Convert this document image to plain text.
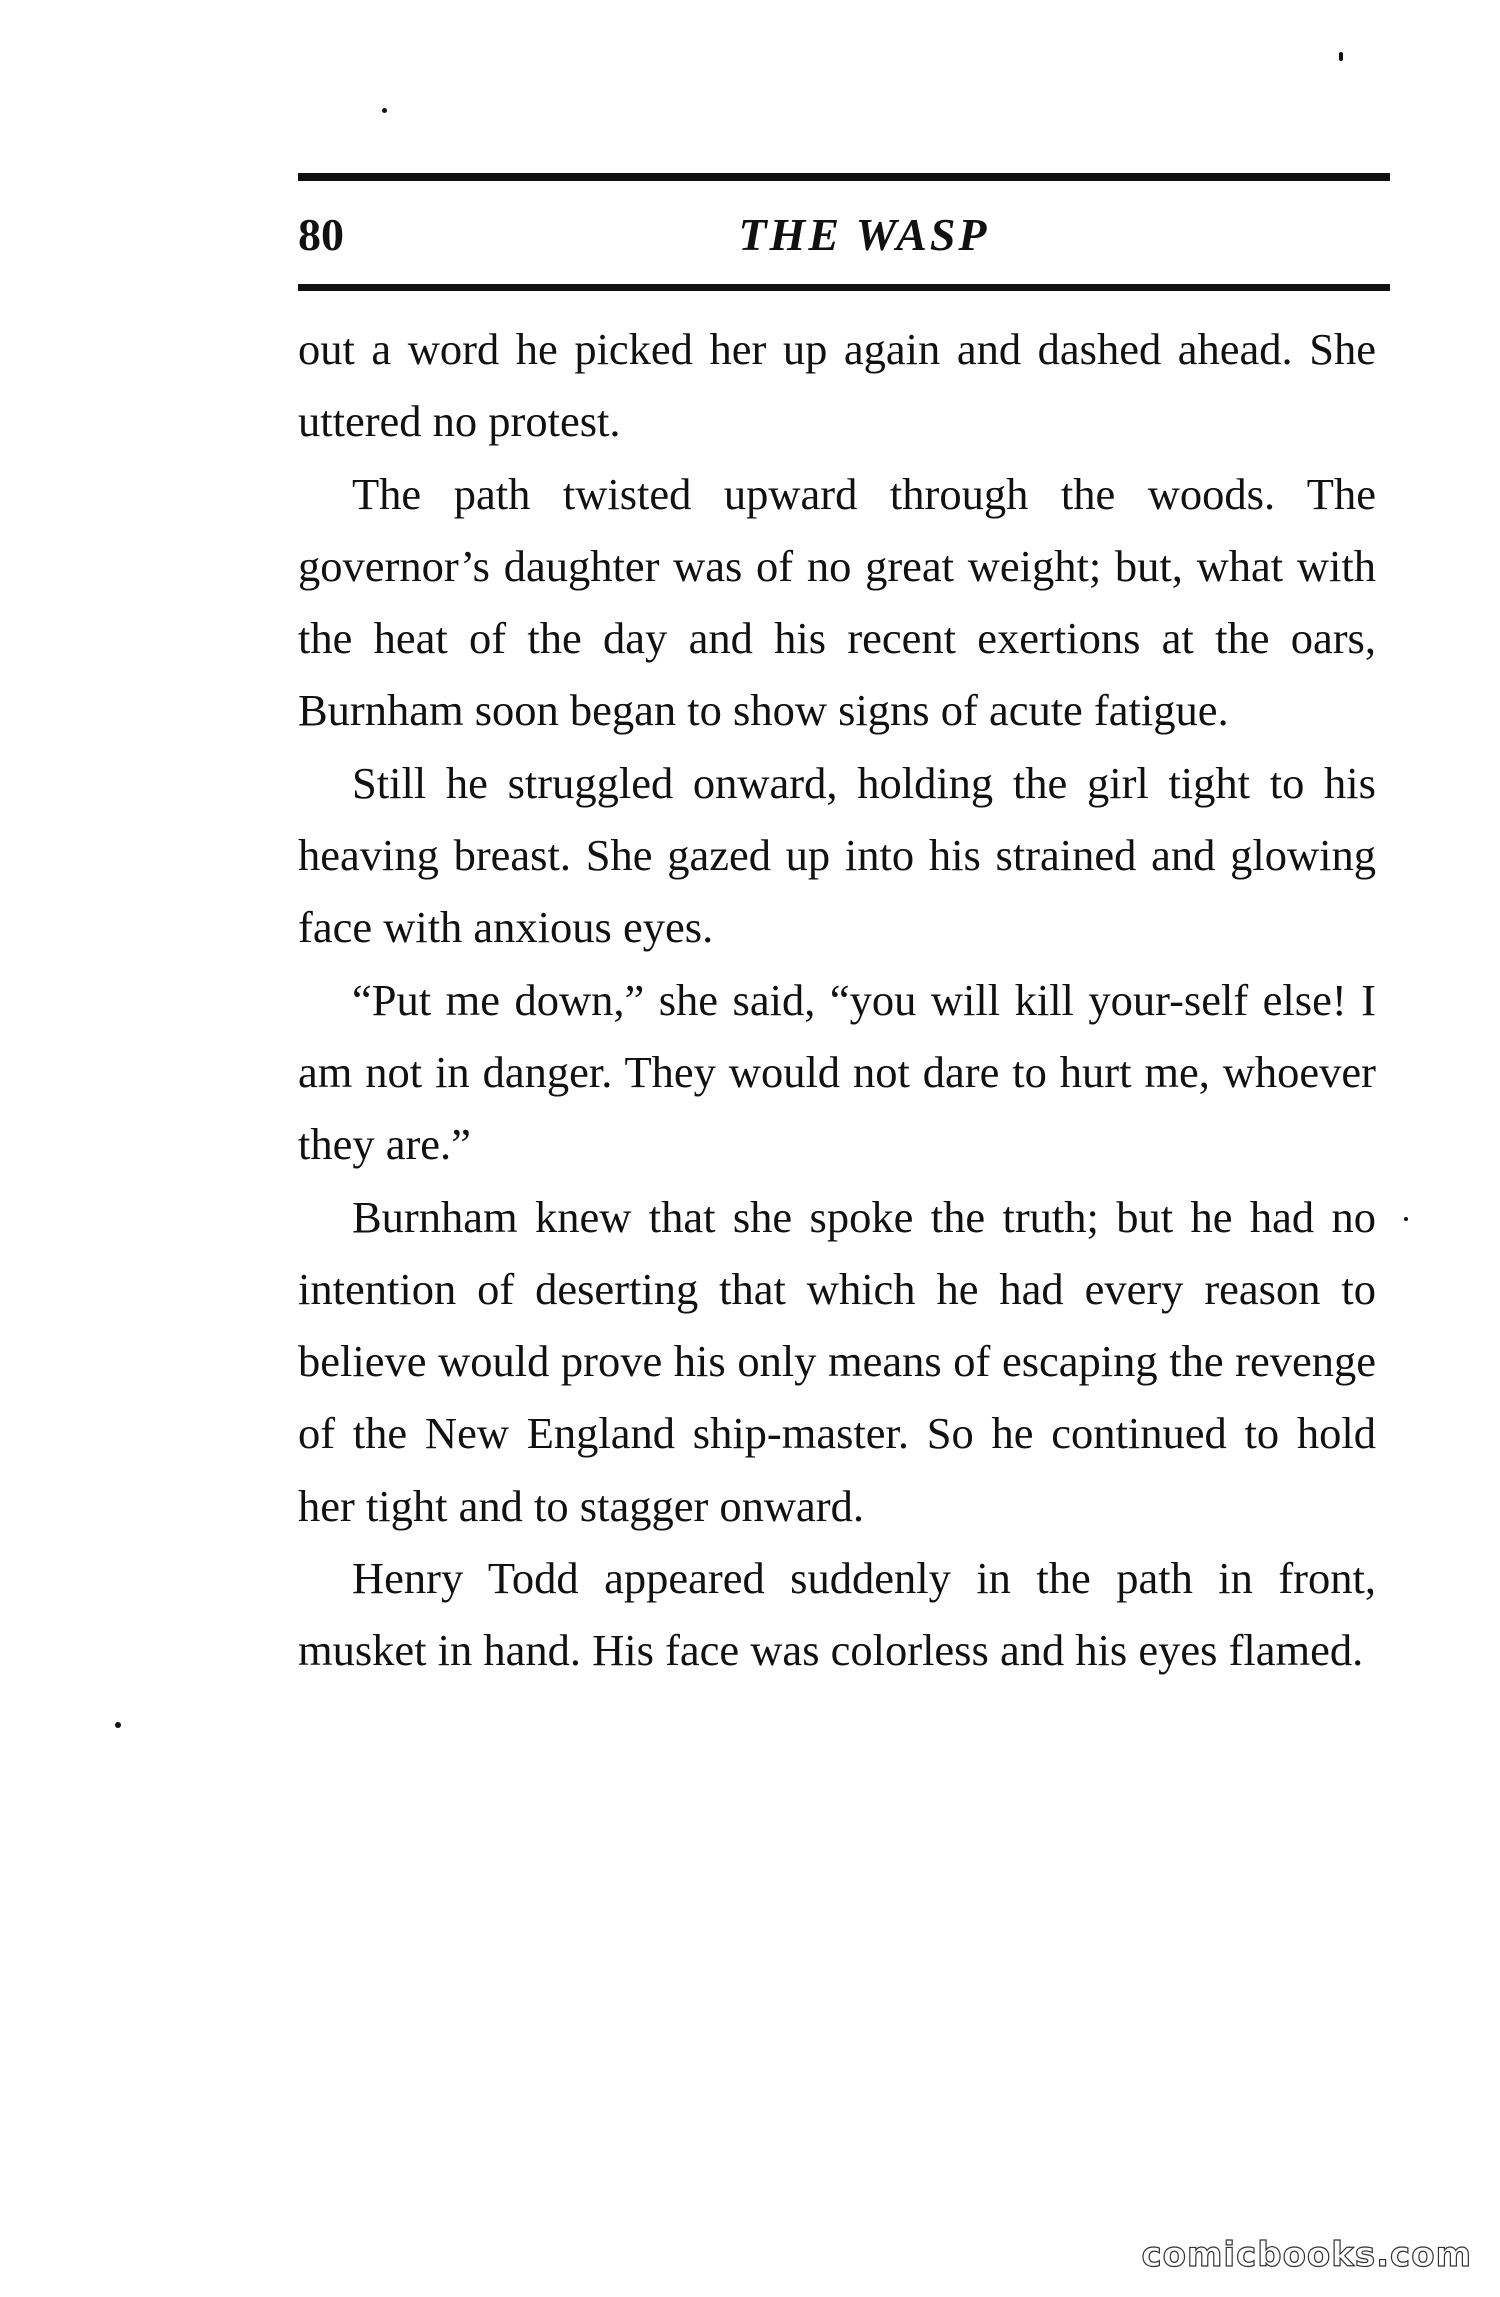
80	THE WASP

out a word he picked her up again and dashed ahead. She uttered no protest.

The path twisted upward through the woods. The governor’s daughter was of no great weight; but, what with the heat of the day and his recent exertions at the oars, Burnham soon began to show signs of acute fatigue.

Still he struggled onward, holding the girl tight to his heaving breast. She gazed up into his strained and glowing face with anxious eyes.

“Put me down,” she said, “you will kill your-self else! I am not in danger. They would not dare to hurt me, whoever they are.”

Burnham knew that she spoke the truth; but he had no intention of deserting that which he had every reason to believe would prove his only means of escaping the revenge of the New England ship-master. So he continued to hold her tight and to stagger onward.

Henry Todd appeared suddenly in the path in front, musket in hand. His face was colorless and his eyes flamed.

comicbooks.com
